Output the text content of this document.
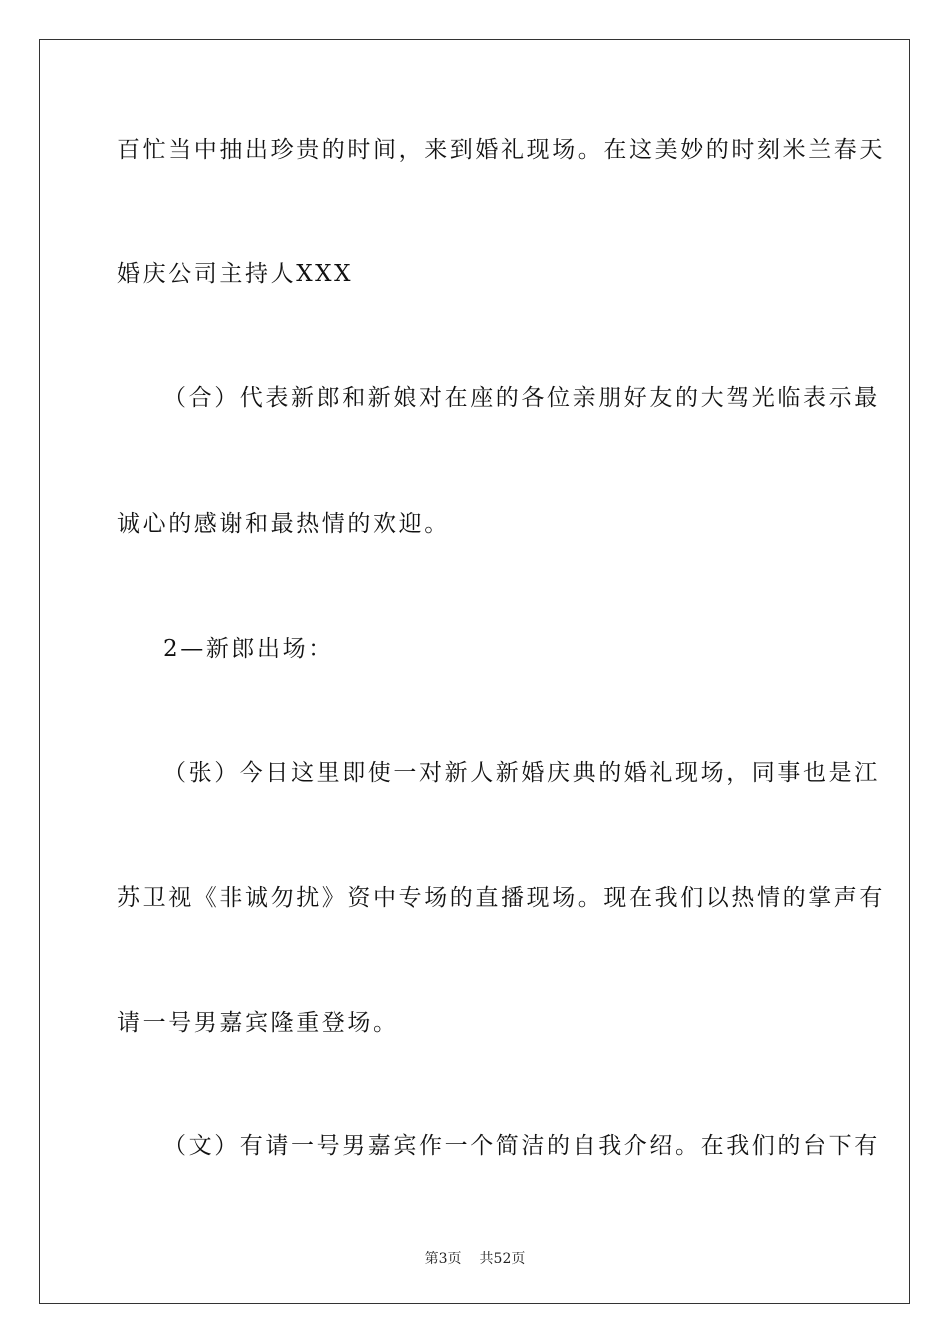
百忙当中抽出珍贵的时间，来到婚礼现场。在这美妙的时刻米兰春天
婚庆公司主持人XXX
（合）代表新郎和新娘对在座的各位亲朋好友的大驾光临表示最
诚心的感谢和最热情的欢迎。
2—新郎出场：
（张）今日这里即使一对新人新婚庆典的婚礼现场，同事也是江
苏卫视《非诚勿扰》资中专场的直播现场。现在我们以热情的掌声有
请一号男嘉宾隆重登场。
（文）有请一号男嘉宾作一个简洁的自我介绍。在我们的台下有
第3页 共52页
